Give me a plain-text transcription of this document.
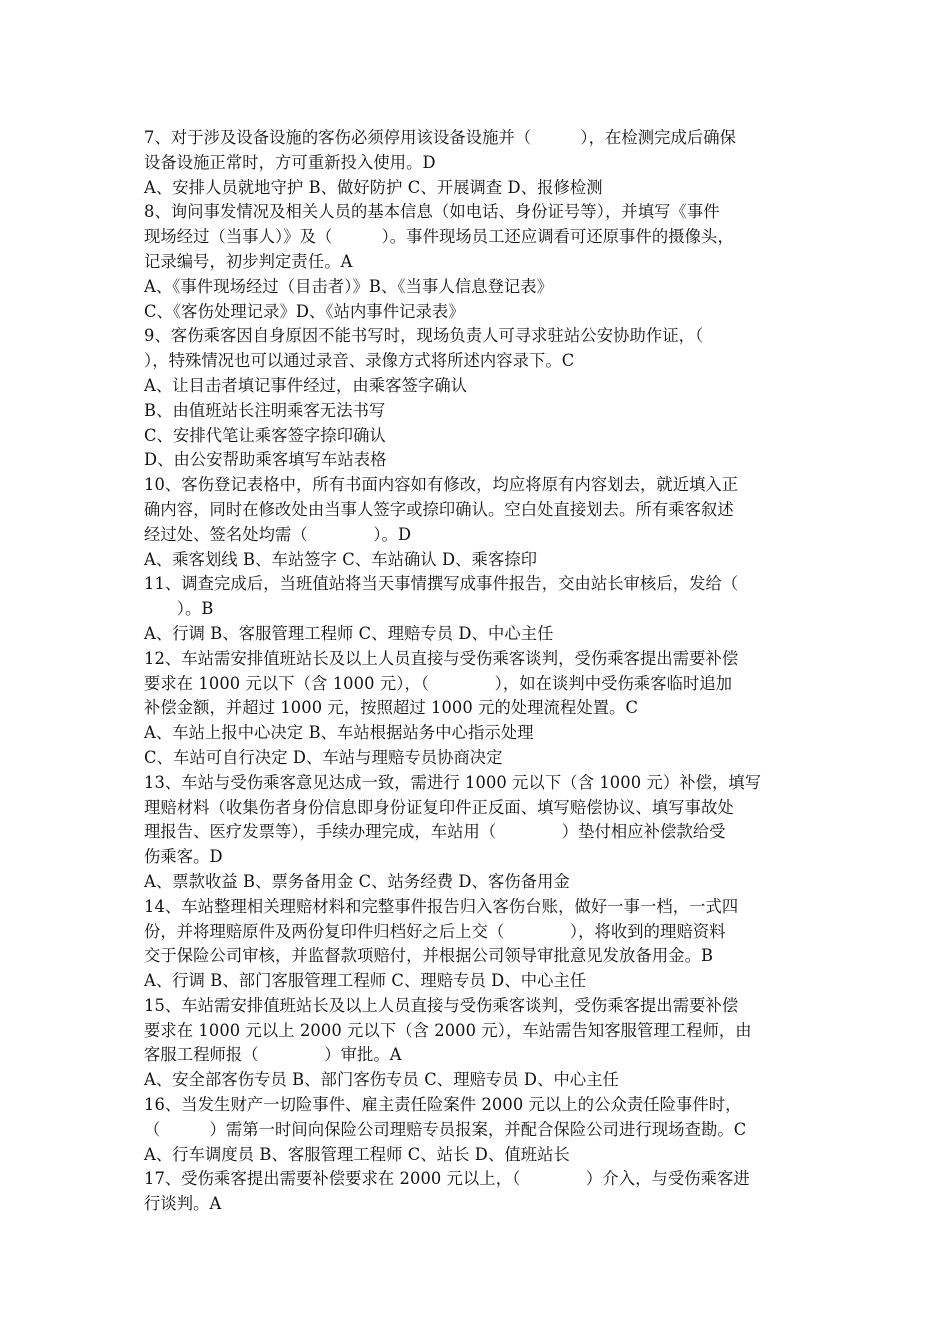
7、对于涉及设备设施的客伤必须停用该设备设施并（　　　），在检测完成后确保
设备设施正常时，方可重新投入使用。D
A、安排人员就地守护 B、做好防护 C、开展调查 D、报修检测
8、询问事发情况及相关人员的基本信息（如电话、身份证号等），并填写《事件
现场经过（当事人）》及（　　　）。事件现场员工还应调看可还原事件的摄像头，
记录编号，初步判定责任。A
A、《事件现场经过（目击者）》B、《当事人信息登记表》
C、《客伤处理记录》D、《站内事件记录表》
9、客伤乘客因自身原因不能书写时，现场负责人可寻求驻站公安协助作证，（
），特殊情况也可以通过录音、录像方式将所述内容录下。C
A、让目击者填记事件经过，由乘客签字确认
B、由值班站长注明乘客无法书写
C、安排代笔让乘客签字捺印确认
D、由公安帮助乘客填写车站表格
10、客伤登记表格中，所有书面内容如有修改，均应将原有内容划去，就近填入正
确内容，同时在修改处由当事人签字或捺印确认。空白处直接划去。所有乘客叙述
经过处、签名处均需（　　　　）。D
A、乘客划线 B、车站签字 C、车站确认 D、乘客捺印
11、调查完成后，当班值站将当天事情撰写成事件报告，交由站长审核后，发给（
　　）。B
A、行调 B、客服管理工程师 C、理赔专员 D、中心主任
12、车站需安排值班站长及以上人员直接与受伤乘客谈判，受伤乘客提出需要补偿
要求在 1000 元以下（含 1000 元），（　　　　），如在谈判中受伤乘客临时追加
补偿金额，并超过 1000 元，按照超过 1000 元的处理流程处置。C
A、车站上报中心决定 B、车站根据站务中心指示处理
C、车站可自行决定 D、车站与理赔专员协商决定
13、车站与受伤乘客意见达成一致，需进行 1000 元以下（含 1000 元）补偿，填写
理赔材料（收集伤者身份信息即身份证复印件正反面、填写赔偿协议、填写事故处
理报告、医疗发票等），手续办理完成，车站用（　　　　）垫付相应补偿款给受
伤乘客。D
A、票款收益 B、票务备用金 C、站务经费 D、客伤备用金
14、车站整理相关理赔材料和完整事件报告归入客伤台账，做好一事一档，一式四
份，并将理赔原件及两份复印件归档好之后上交（　　　　），将收到的理赔资料
交于保险公司审核，并监督款项赔付，并根据公司领导审批意见发放备用金。B
A、行调 B、部门客服管理工程师 C、理赔专员 D、中心主任
15、车站需安排值班站长及以上人员直接与受伤乘客谈判，受伤乘客提出需要补偿
要求在 1000 元以上 2000 元以下（含 2000 元），车站需告知客服管理工程师，由
客服工程师报（　　　　）审批。A
A、安全部客伤专员 B、部门客伤专员 C、理赔专员 D、中心主任
16、当发生财产一切险事件、雇主责任险案件 2000 元以上的公众责任险事件时，
（　　　）需第一时间向保险公司理赔专员报案，并配合保险公司进行现场查勘。C
A、行车调度员 B、客服管理工程师 C、站长 D、值班站长
17、受伤乘客提出需要补偿要求在 2000 元以上，（　　　　）介入，与受伤乘客进
行谈判。A
